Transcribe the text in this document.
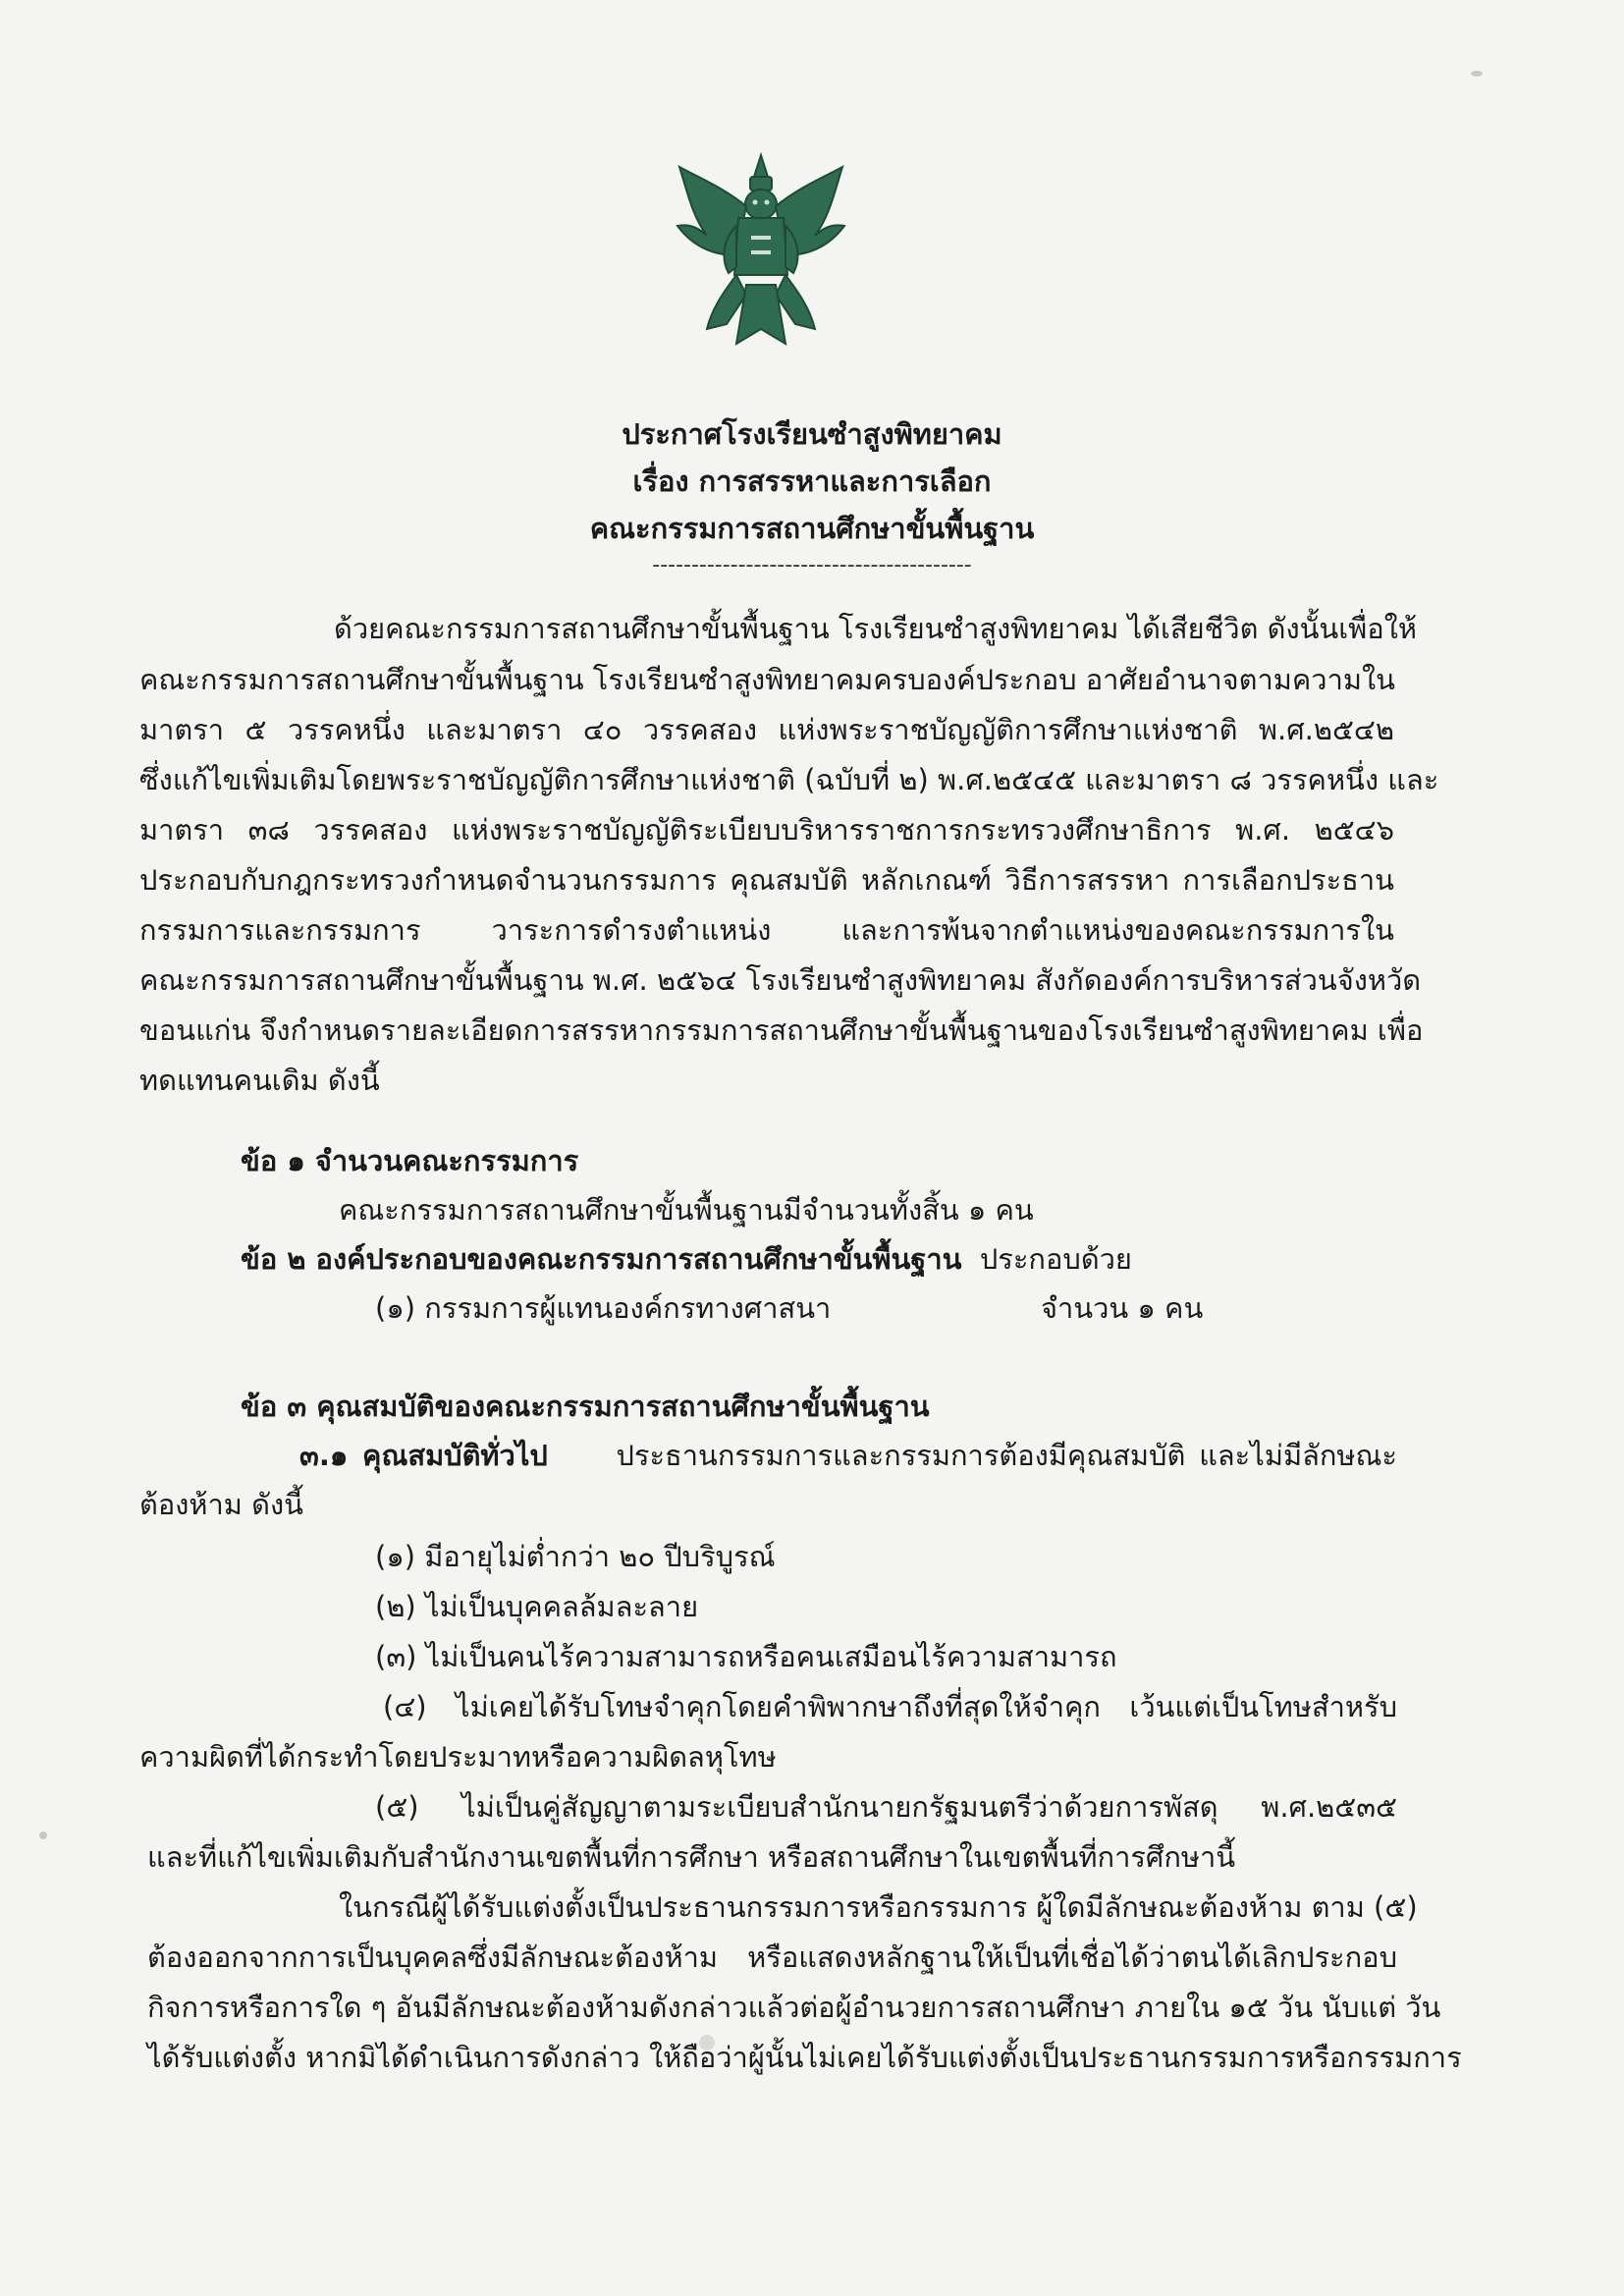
ประกาศโรงเรียนซำสูงพิทยาคม
เรื่อง การสรรหาและการเลือก
คณะกรรมการสถานศึกษาขั้นพื้นฐาน
-----------------------------------------
ด้วยคณะกรรมการสถานศึกษาขั้นพื้นฐาน โรงเรียนซำสูงพิทยาคม ได้เสียชีวิต ดังนั้นเพื่อให้
คณะกรรมการสถานศึกษาขั้นพื้นฐาน โรงเรียนซำสูงพิทยาคมครบองค์ประกอบ อาศัยอำนาจตามความใน
มาตรา ๕ วรรคหนึ่ง และมาตรา ๔๐ วรรคสอง แห่งพระราชบัญญัติการศึกษาแห่งชาติ พ.ศ.๒๕๔๒
ซึ่งแก้ไขเพิ่มเติมโดยพระราชบัญญัติการศึกษาแห่งชาติ (ฉบับที่ ๒) พ.ศ.๒๕๔๕ และมาตรา ๘ วรรคหนึ่ง และ
มาตรา ๓๘ วรรคสอง แห่งพระราชบัญญัติระเบียบบริหารราชการกระทรวงศึกษาธิการ พ.ศ. ๒๕๔๖
ประกอบกับกฎกระทรวงกำหนดจำนวนกรรมการ คุณสมบัติ หลักเกณฑ์ วิธีการสรรหา การเลือกประธาน
กรรมการและกรรมการ วาระการดำรงตำแหน่ง และการพ้นจากตำแหน่งของคณะกรรมการใน
คณะกรรมการสถานศึกษาขั้นพื้นฐาน พ.ศ. ๒๕๖๔ โรงเรียนซำสูงพิทยาคม สังกัดองค์การบริหารส่วนจังหวัด
ขอนแก่น จึงกำหนดรายละเอียดการสรรหากรรมการสถานศึกษาขั้นพื้นฐานของโรงเรียนซำสูงพิทยาคม เพื่อ
ทดแทนคนเดิม ดังนี้
ข้อ ๑ จำนวนคณะกรรมการ
คณะกรรมการสถานศึกษาขั้นพื้นฐานมีจำนวนทั้งสิ้น ๑ คน
ข้อ ๒ องค์ประกอบของคณะกรรมการสถานศึกษาขั้นพื้นฐาน ประกอบด้วย
(๑) กรรมการผู้แทนองค์กรทางศาสนา	จำนวน ๑ คน
ข้อ ๓ คุณสมบัติของคณะกรรมการสถานศึกษาขั้นพื้นฐาน
๓.๑ คุณสมบัติทั่วไป ประธานกรรมการและกรรมการต้องมีคุณสมบัติ และไม่มีลักษณะ
ต้องห้าม ดังนี้
(๑) มีอายุไม่ต่ำกว่า ๒๐ ปีบริบูรณ์
(๒) ไม่เป็นบุคคลล้มละลาย
(๓) ไม่เป็นคนไร้ความสามารถหรือคนเสมือนไร้ความสามารถ
(๔) ไม่เคยได้รับโทษจำคุกโดยคำพิพากษาถึงที่สุดให้จำคุก เว้นแต่เป็นโทษสำหรับ
ความผิดที่ได้กระทำโดยประมาทหรือความผิดลหุโทษ
(๕) ไม่เป็นคู่สัญญาตามระเบียบสำนักนายกรัฐมนตรีว่าด้วยการพัสดุ พ.ศ.๒๕๓๕
และที่แก้ไขเพิ่มเติมกับสำนักงานเขตพื้นที่การศึกษา หรือสถานศึกษาในเขตพื้นที่การศึกษานี้
ในกรณีผู้ได้รับแต่งตั้งเป็นประธานกรรมการหรือกรรมการ ผู้ใดมีลักษณะต้องห้าม ตาม (๕)
ต้องออกจากการเป็นบุคคลซึ่งมีลักษณะต้องห้าม หรือแสดงหลักฐานให้เป็นที่เชื่อได้ว่าตนได้เลิกประกอบ
กิจการหรือการใด ๆ อันมีลักษณะต้องห้ามดังกล่าวแล้วต่อผู้อำนวยการสถานศึกษา ภายใน ๑๕ วัน นับแต่ วัน
ได้รับแต่งตั้ง หากมิได้ดำเนินการดังกล่าว ให้ถือว่าผู้นั้นไม่เคยได้รับแต่งตั้งเป็นประธานกรรมการหรือกรรมการ
